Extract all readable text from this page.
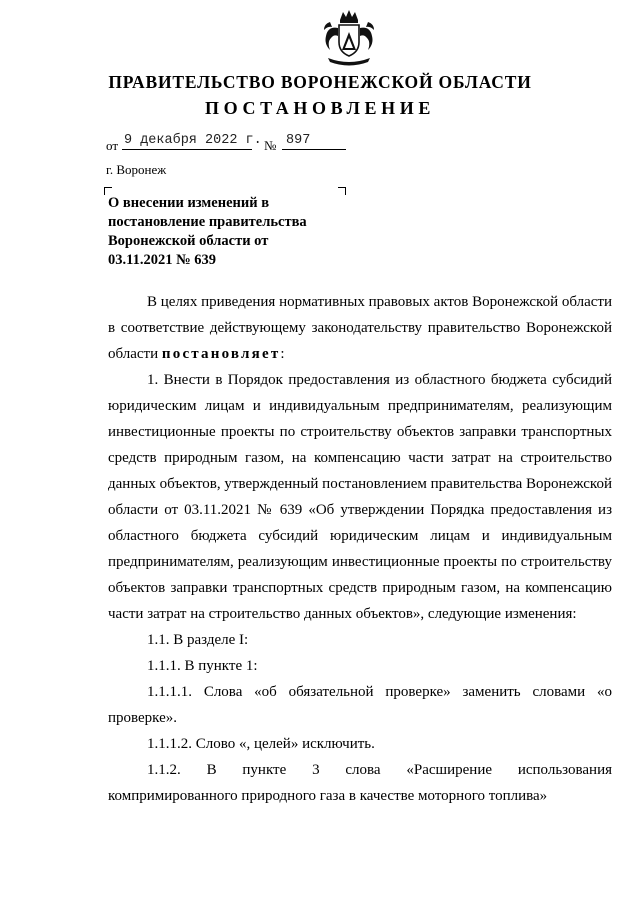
ПРАВИТЕЛЬСТВО ВОРОНЕЖСКОЙ ОБЛАСТИ
ПОСТАНОВЛЕНИЕ
от 9 декабря 2022 г. № 897
г. Воронеж
О внесении изменений в
постановление правительства
Воронежской области от
03.11.2021 № 639

В целях приведения нормативных правовых актов Воронежской области в соответствие действующему законодательству правительство Воронежской области постановляет:

1. Внести в Порядок предоставления из областного бюджета субсидий юридическим лицам и индивидуальным предпринимателям, реализующим инвестиционные проекты по строительству объектов заправки транспортных средств природным газом, на компенсацию части затрат на строительство данных объектов, утвержденный постановлением правительства Воронежской области от 03.11.2021 № 639 «Об утверждении Порядка предоставления из областного бюджета субсидий юридическим лицам и индивидуальным предпринимателям, реализующим инвестиционные проекты по строительству объектов заправки транспортных средств природным газом, на компенсацию части затрат на строительство данных объектов», следующие изменения:

1.1. В разделе I:

1.1.1. В пункте 1:

1.1.1.1. Слова «об обязательной проверке» заменить словами «о проверке».

1.1.1.2. Слово «, целей» исключить.

1.1.2. В пункте 3 слова «Расширение использования компримированного природного газа в качестве моторного топлива»
